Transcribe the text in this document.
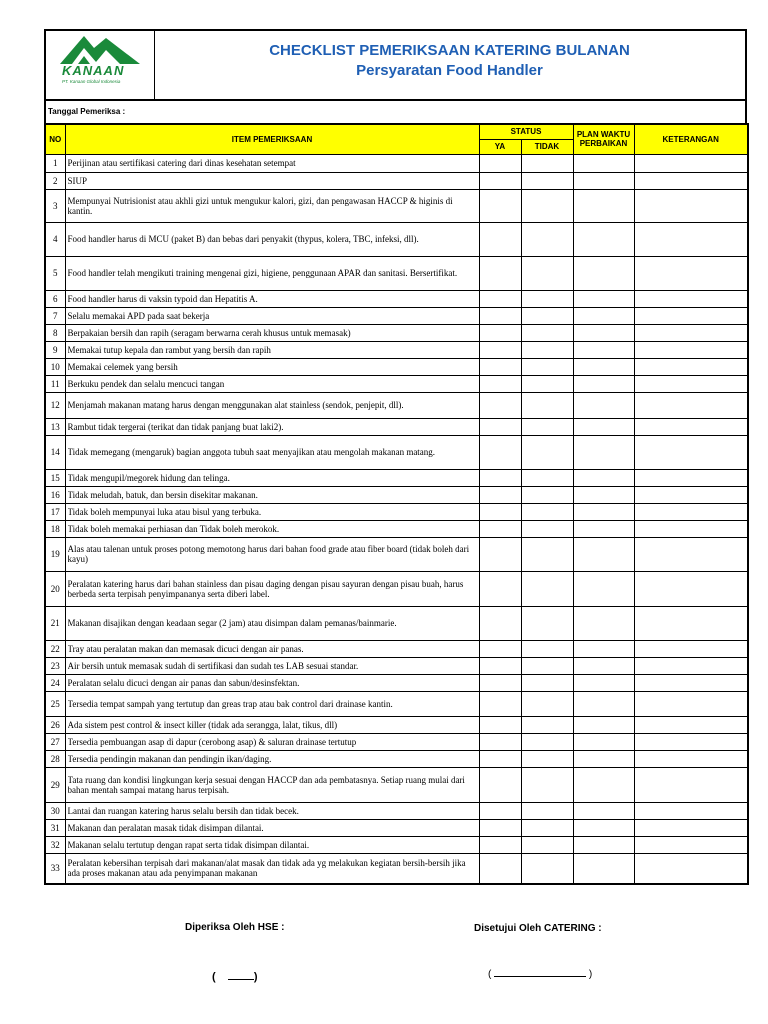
KANAAN
PT. Kanaan Global Indonesia
CHECKLIST PEMERIKSAAN KATERING BULANAN
Persyaratan Food Handler
Tanggal Pemeriksa :
NO	ITEM PEMERIKSAAN	STATUS		PLAN WAKTU PERBAIKAN	KETERANGAN
		YA	TIDAK		
1	Perijinan atau sertifikasi catering dari dinas kesehatan setempat				

2	SIUP				

3	Mempunyai Nutrisionist atau akhli gizi untuk mengukur kalori, gizi, dan pengawasan HACCP & higinis di kantin.				

4	Food handler harus di MCU (paket B) dan bebas dari penyakit (thypus, kolera, TBC, infeksi, dll).				

5	Food handler telah mengikuti training mengenai gizi, higiene, penggunaan APAR dan sanitasi. Bersertifikat.				

6	Food handler harus di vaksin typoid dan Hepatitis A.				

7	Selalu memakai APD pada saat bekerja				

8	Berpakaian bersih dan rapih (seragam berwarna cerah khusus untuk memasak)				

9	Memakai tutup kepala dan rambut yang bersih dan rapih				

10	Memakai celemek yang bersih				

11	Berkuku pendek dan selalu mencuci tangan				

12	Menjamah makanan matang harus dengan menggunakan alat stainless (sendok, penjepit, dll).				

13	Rambut tidak tergerai (terikat dan tidak panjang buat laki2).				

14	Tidak memegang (mengaruk) bagian anggota tubuh saat menyajikan atau mengolah makanan matang.				

15	Tidak mengupil/megorek hidung dan telinga.				

16	Tidak meludah, batuk, dan bersin disekitar makanan.				

17	Tidak boleh mempunyai luka atau bisul yang terbuka.				

18	Tidak boleh memakai perhiasan dan Tidak boleh merokok.				

19	Alas atau talenan untuk proses potong memotong harus dari bahan food grade atau fiber board (tidak boleh dari kayu)				

20	Peralatan katering harus dari bahan stainless dan pisau daging dengan pisau sayuran dengan pisau buah, harus berbeda serta terpisah penyimpananya serta diberi label.				

21	Makanan disajikan dengan keadaan segar (2 jam) atau disimpan dalam pemanas/bainmarie.				

22	Tray atau peralatan makan dan memasak dicuci dengan air panas.				

23	Air bersih untuk memasak sudah di sertifikasi dan sudah tes LAB sesuai standar.				

24	Peralatan selalu dicuci dengan air panas dan sabun/desinsfektan.				

25	Tersedia tempat sampah yang tertutup dan greas trap atau bak control dari drainase kantin.				

26	Ada sistem pest control & insect killer (tidak ada serangga, lalat, tikus, dll)				

27	Tersedia pembuangan asap di dapur (cerobong asap) & saluran drainase tertutup				

28	Tersedia pendingin makanan dan pendingin ikan/daging.				

29	Tata ruang dan kondisi lingkungan kerja sesuai dengan HACCP dan ada pembatasnya. Setiap ruang mulai dari bahan mentah sampai matang harus terpisah.				

30	Lantai dan ruangan katering harus selalu bersih dan tidak becek.				

31	Makanan dan peralatan masak tidak disimpan dilantai.				

32	Makanan selalu tertutup dengan rapat serta tidak disimpan dilantai.				

33	Peralatan kebersihan terpisah dari makanan/alat masak dan tidak ada yg melakukan kegiatan bersih-bersih jika ada proses makanan atau ada penyimpanan makanan				

Diperiksa Oleh HSE :	Disetujui Oleh CATERING :
(	)	(	)
